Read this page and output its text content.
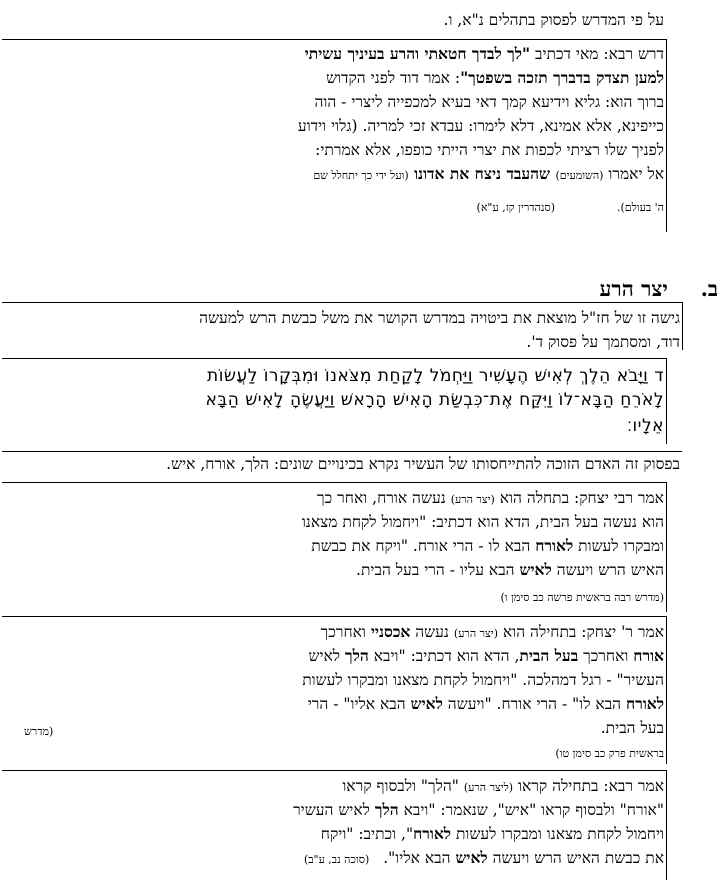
על פי המדרש לפסוק בתהלים נ"א, ו.
דרש רבא: מאי דכתיב "לך לבדך חטאתי והרע בעיניך עשיתי
למען תצדק בדברך תזכה בשפטך": אמר דוד לפני הקדוש
ברוך הוא: גליא וידיעא קמך דאי בעיא למכפייה ליצרי - הוה
כייפינא, אלא אמינא, דלא לימרו: עבדא זכי למריה. (גלוי וידוע
לפניך שלו רציתי לכפות את יצרי הייתי כופפו, אלא אמרתי:
אל יאמרו (השומעים) שהעבד ניצח את אדונו (ועל ידי כך יתחלל שם
ה' בעולם).(סנהדרין קז, ע"א)
ב.  יצר הרע
גישה זו של חז"ל מוצאת את ביטויה במדרש הקושר את משל כבשת הרש למעשה
דוד, ומסתמך על פסוק ד'.
ד וַיָּבֹא הֵלֶךְ לְאִישׁ הֶעָשִׁיר וַיַּחְמֹל לָקַחַת מִצֹּאנוֹ וּמִבְּקָרוֹ לַעֲשׂוֹת
לָאֹרֵחַ הַבָּא־לוֹ וַיִּקַּח אֶת־כִּבְשַׂת הָאִישׁ הָרָאשׁ וַיַּעֲשֶׂהָ לָאִישׁ הַבָּא
אֵלָיו׃
בפסוק זה האדם הזוכה להתייחסותו של העשיר נקרא בכינויים שונים: הלך, אורח, איש.
אמר רבי יצחק: בתחלה הוא (יצר הרע) נעשה אורח, ואחר כך
הוא נעשה בעל הבית, הדא הוא דכתיב: "ויחמול לקחת מצאנו
ומבקרו לעשות לאורח הבא לו - הרי אורח. "ויקח את כבשת
האיש הרש ויעשה לאיש הבא עליו - הרי בעל הבית.
(מדרש רבה בראשית פרשה כב סימן ו)
אמר ר' יצחק: בתחילה הוא (יצר הרע) נעשה אכסניי ואחרכך
אורח ואחרכך בעל הבית, הדא הוא דכתיב: "ויבא הלך לאיש
העשיר" - רגל דמהלכה. "ויחמול לקחת מצאנו ומבקרו לעשות
לאורח הבא לו" - הרי אורח. "ויעשה לאיש הבא אליו" - הרי
בעל הבית.
(מדרש
בראשית פרק כב סימן טו)
אמר רבא: בתחילה קראו (ליצר הרע) "הלך" ולבסוף קראו
"אורח" ולבסוף קראו "איש", שנאמר: "ויבא הלך לאיש העשיר
ויחמול לקחת מצאנו ומבקרו לעשות לאורח", וכתיב: "ויקח
את כבשת האיש הרש ויעשה לאיש הבא אליו".(סוכה נב, ע"ב)
